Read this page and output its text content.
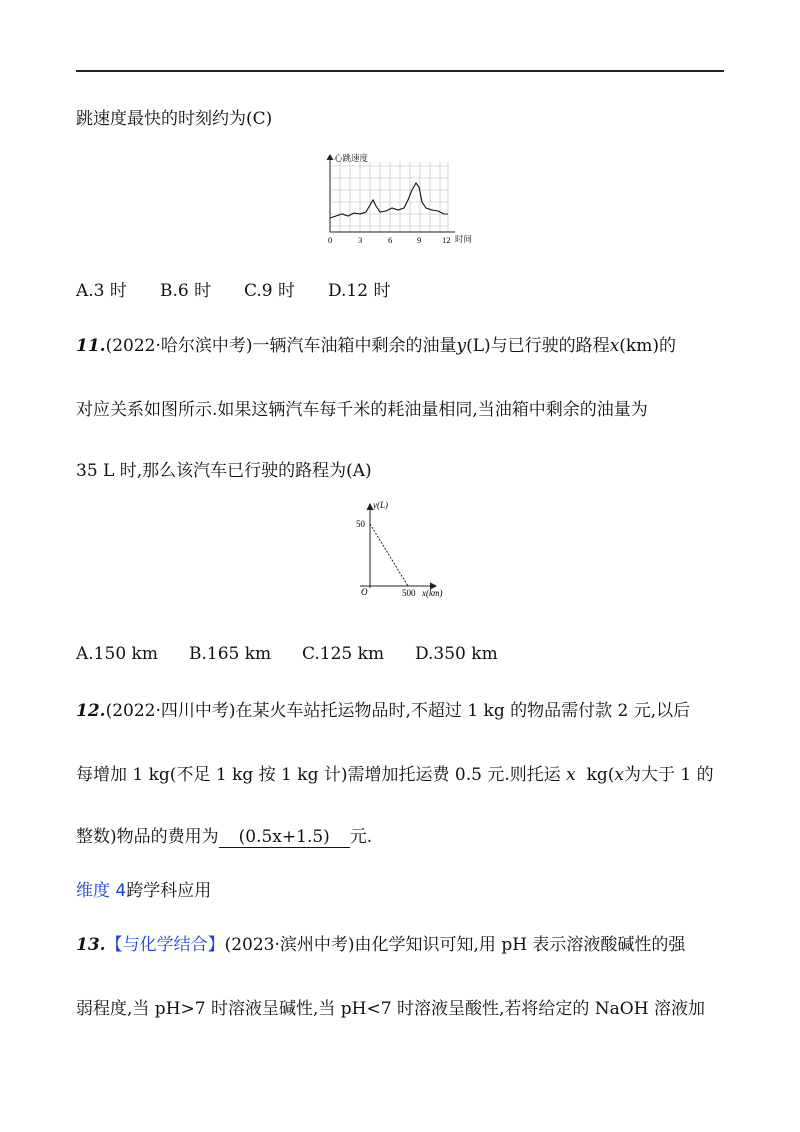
跳速度最快的时刻约为(C)
心跳速度
时间
0	3	6	9 12
A.3 时 B.6 时 C.9 时 D.12 时
11.(2022·哈尔滨中考)一辆汽车油箱中剩余的油量y(L)与已行驶的路程x(km)的
对应关系如图所示.如果这辆汽车每千米的耗油量相同,当油箱中剩余的油量为
35 L 时,那么该汽车已行驶的路程为(A)
y(L)
50
O	500 x(km)
A.150 km B.165 km C.125 km D.350 km
12.(2022·四川中考)在某火车站托运物品时,不超过 1 kg 的物品需付款 2 元,以后
每增加 1 kg(不足 1 kg 按 1 kg 计)需增加托运费 0.5 元.则托运 x kg(x为大于 1 的
整数)物品的费用为 (0.5x+1.5) 元.
维度 4跨学科应用
13.【与化学结合】(2023·滨州中考)由化学知识可知,用 pH 表示溶液酸碱性的强
弱程度,当 pH>7 时溶液呈碱性,当 pH<7 时溶液呈酸性,若将给定的 NaOH 溶液加
